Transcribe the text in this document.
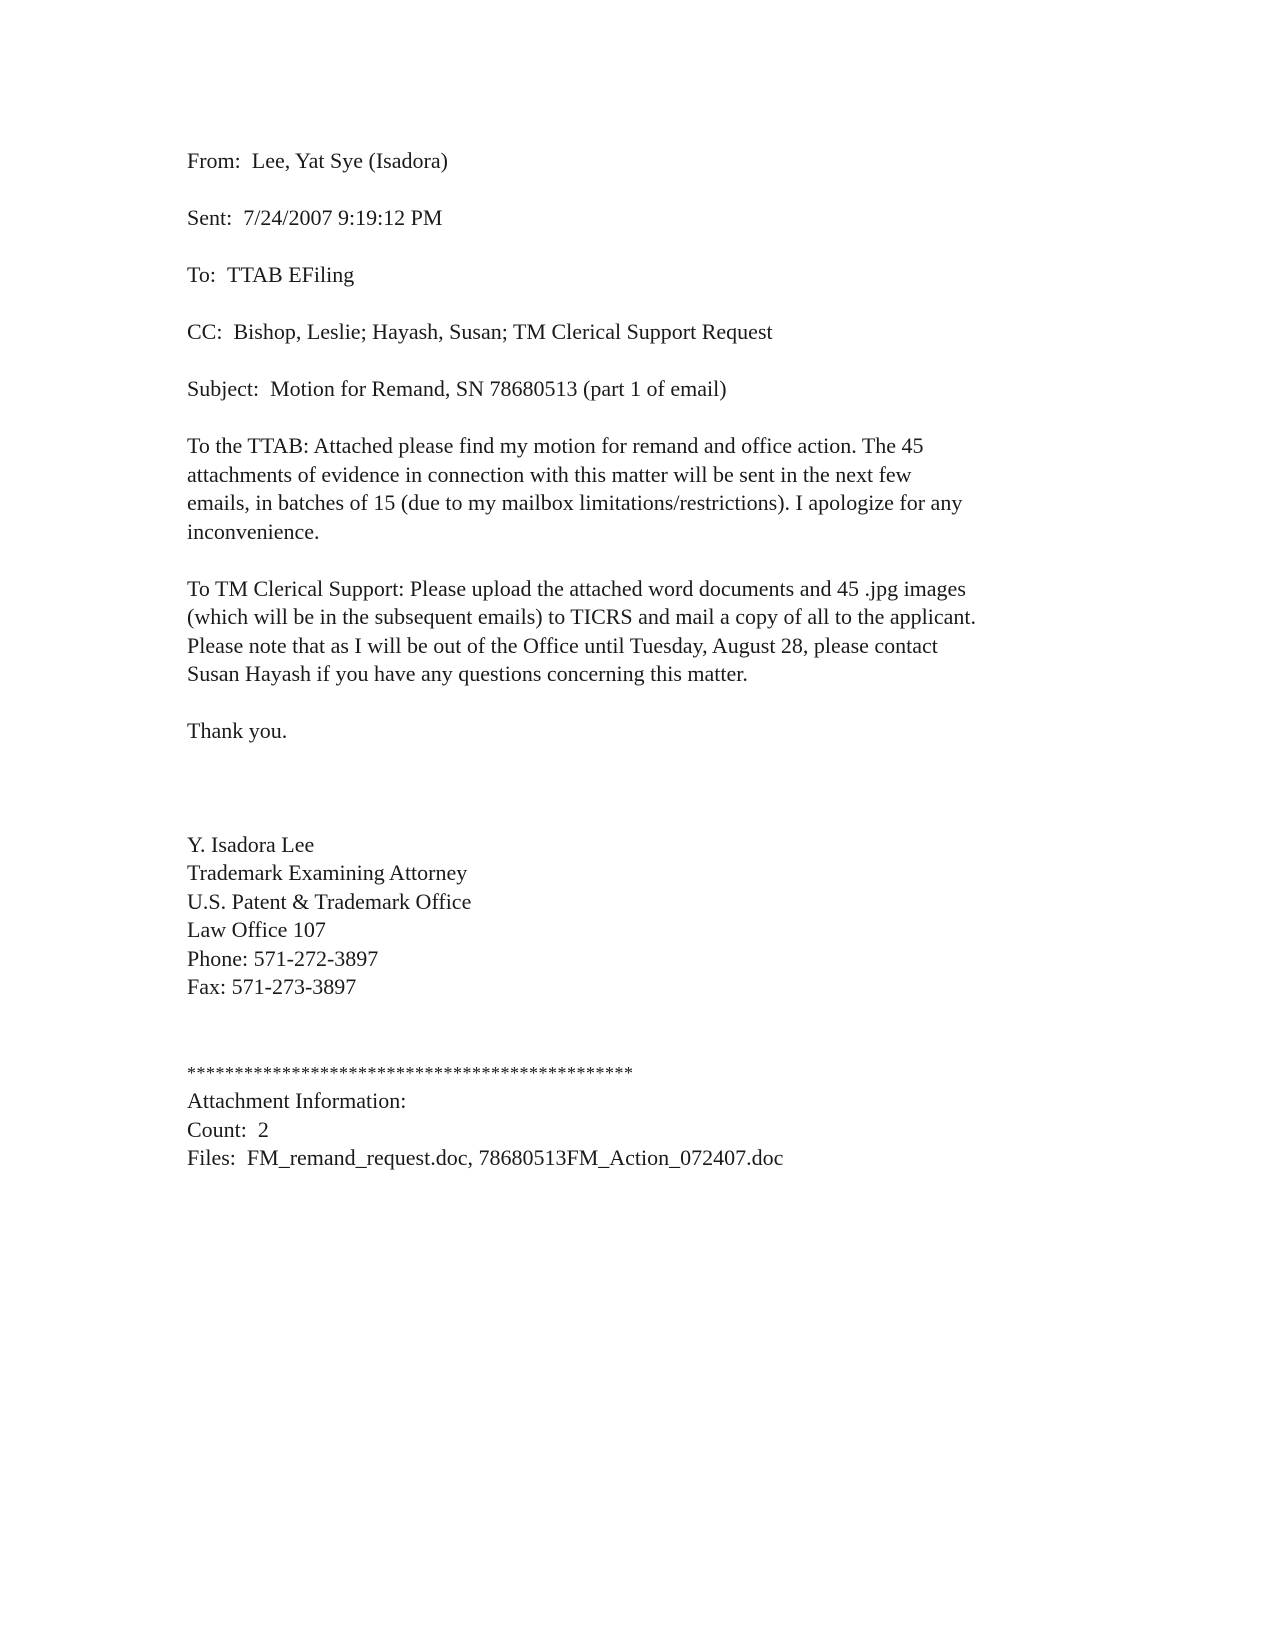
From: Lee, Yat Sye (Isadora)
Sent: 7/24/2007 9:19:12 PM
To: TTAB EFiling
CC: Bishop, Leslie; Hayash, Susan; TM Clerical Support Request
Subject: Motion for Remand, SN 78680513 (part 1 of email)
To the TTAB: Attached please find my motion for remand and office action. The 45
attachments of evidence in connection with this matter will be sent in the next few
emails, in batches of 15 (due to my mailbox limitations/restrictions). I apologize for any
inconvenience.
To TM Clerical Support: Please upload the attached word documents and 45 .jpg images
(which will be in the subsequent emails) to TICRS and mail a copy of all to the applicant.
Please note that as I will be out of the Office until Tuesday, August 28, please contact
Susan Hayash if you have any questions concerning this matter.
Thank you.
Y. Isadora Lee
Trademark Examining Attorney
U.S. Patent & Trademark Office
Law Office 107
Phone: 571-272-3897
Fax: 571-273-3897
***********************************************
Attachment Information:
Count: 2
Files: FM_remand_request.doc, 78680513FM_Action_072407.doc
